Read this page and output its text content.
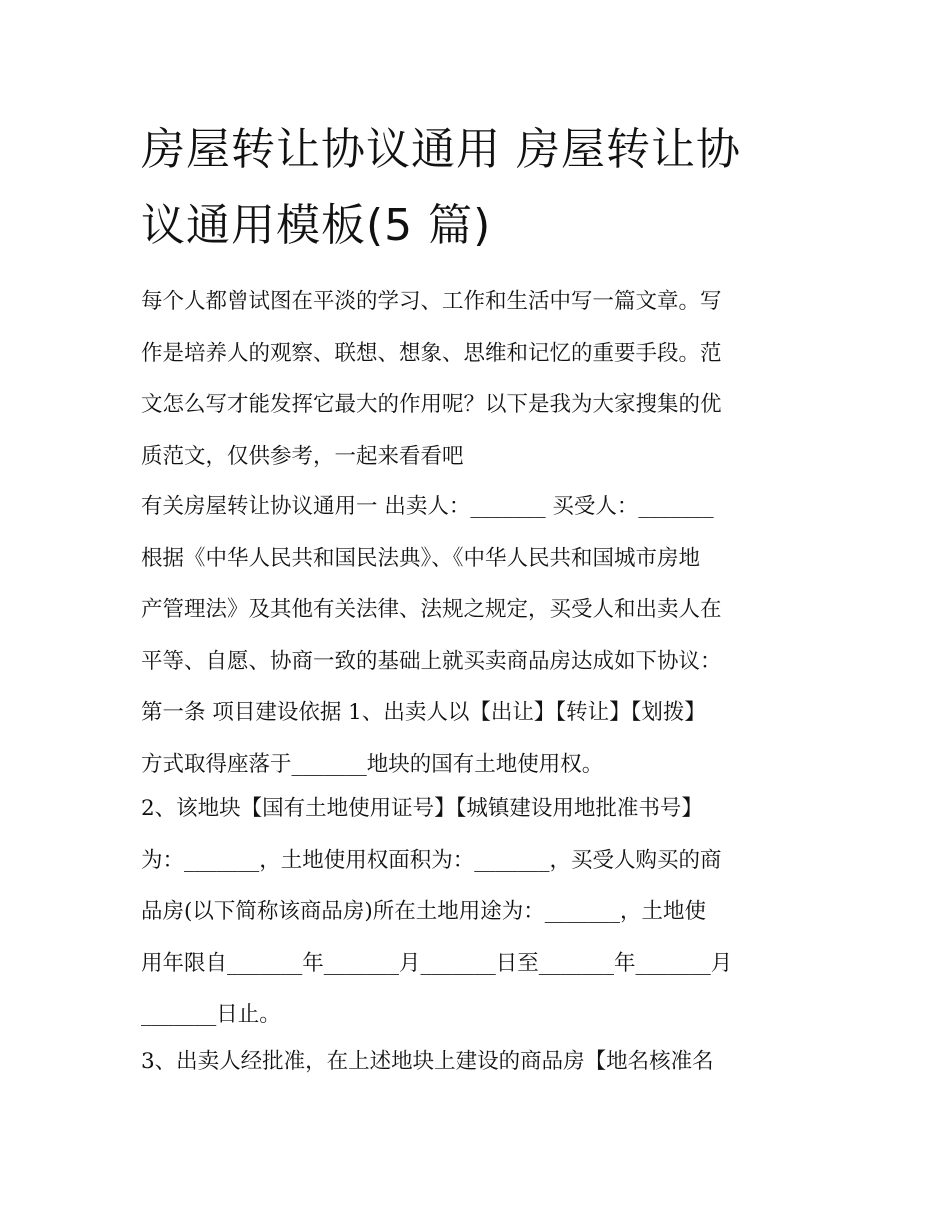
房屋转让协议通用 房屋转让协
议通用模板(5 篇)
每个人都曾试图在平淡的学习、工作和生活中写一篇文章。写
作是培养人的观察、联想、想象、思维和记忆的重要手段。范
文怎么写才能发挥它最大的作用呢？以下是我为大家搜集的优
质范文，仅供参考，一起来看看吧
有关房屋转让协议通用一 出卖人：_______ 买受人：_______
根据《中华人民共和国民法典》、《中华人民共和国城市房地
产管理法》及其他有关法律、法规之规定，买受人和出卖人在
平等、自愿、协商一致的基础上就买卖商品房达成如下协议：
第一条 项目建设依据 1、出卖人以【出让】【转让】【划拨】
方式取得座落于_______地块的国有土地使用权。
2、该地块【国有土地使用证号】【城镇建设用地批准书号】
为：_______，土地使用权面积为：_______，买受人购买的商
品房(以下简称该商品房)所在土地用途为：_______，土地使
用年限自_______年_______月_______日至_______年_______月
_______日止。
3、出卖人经批准，在上述地块上建设的商品房【地名核准名
